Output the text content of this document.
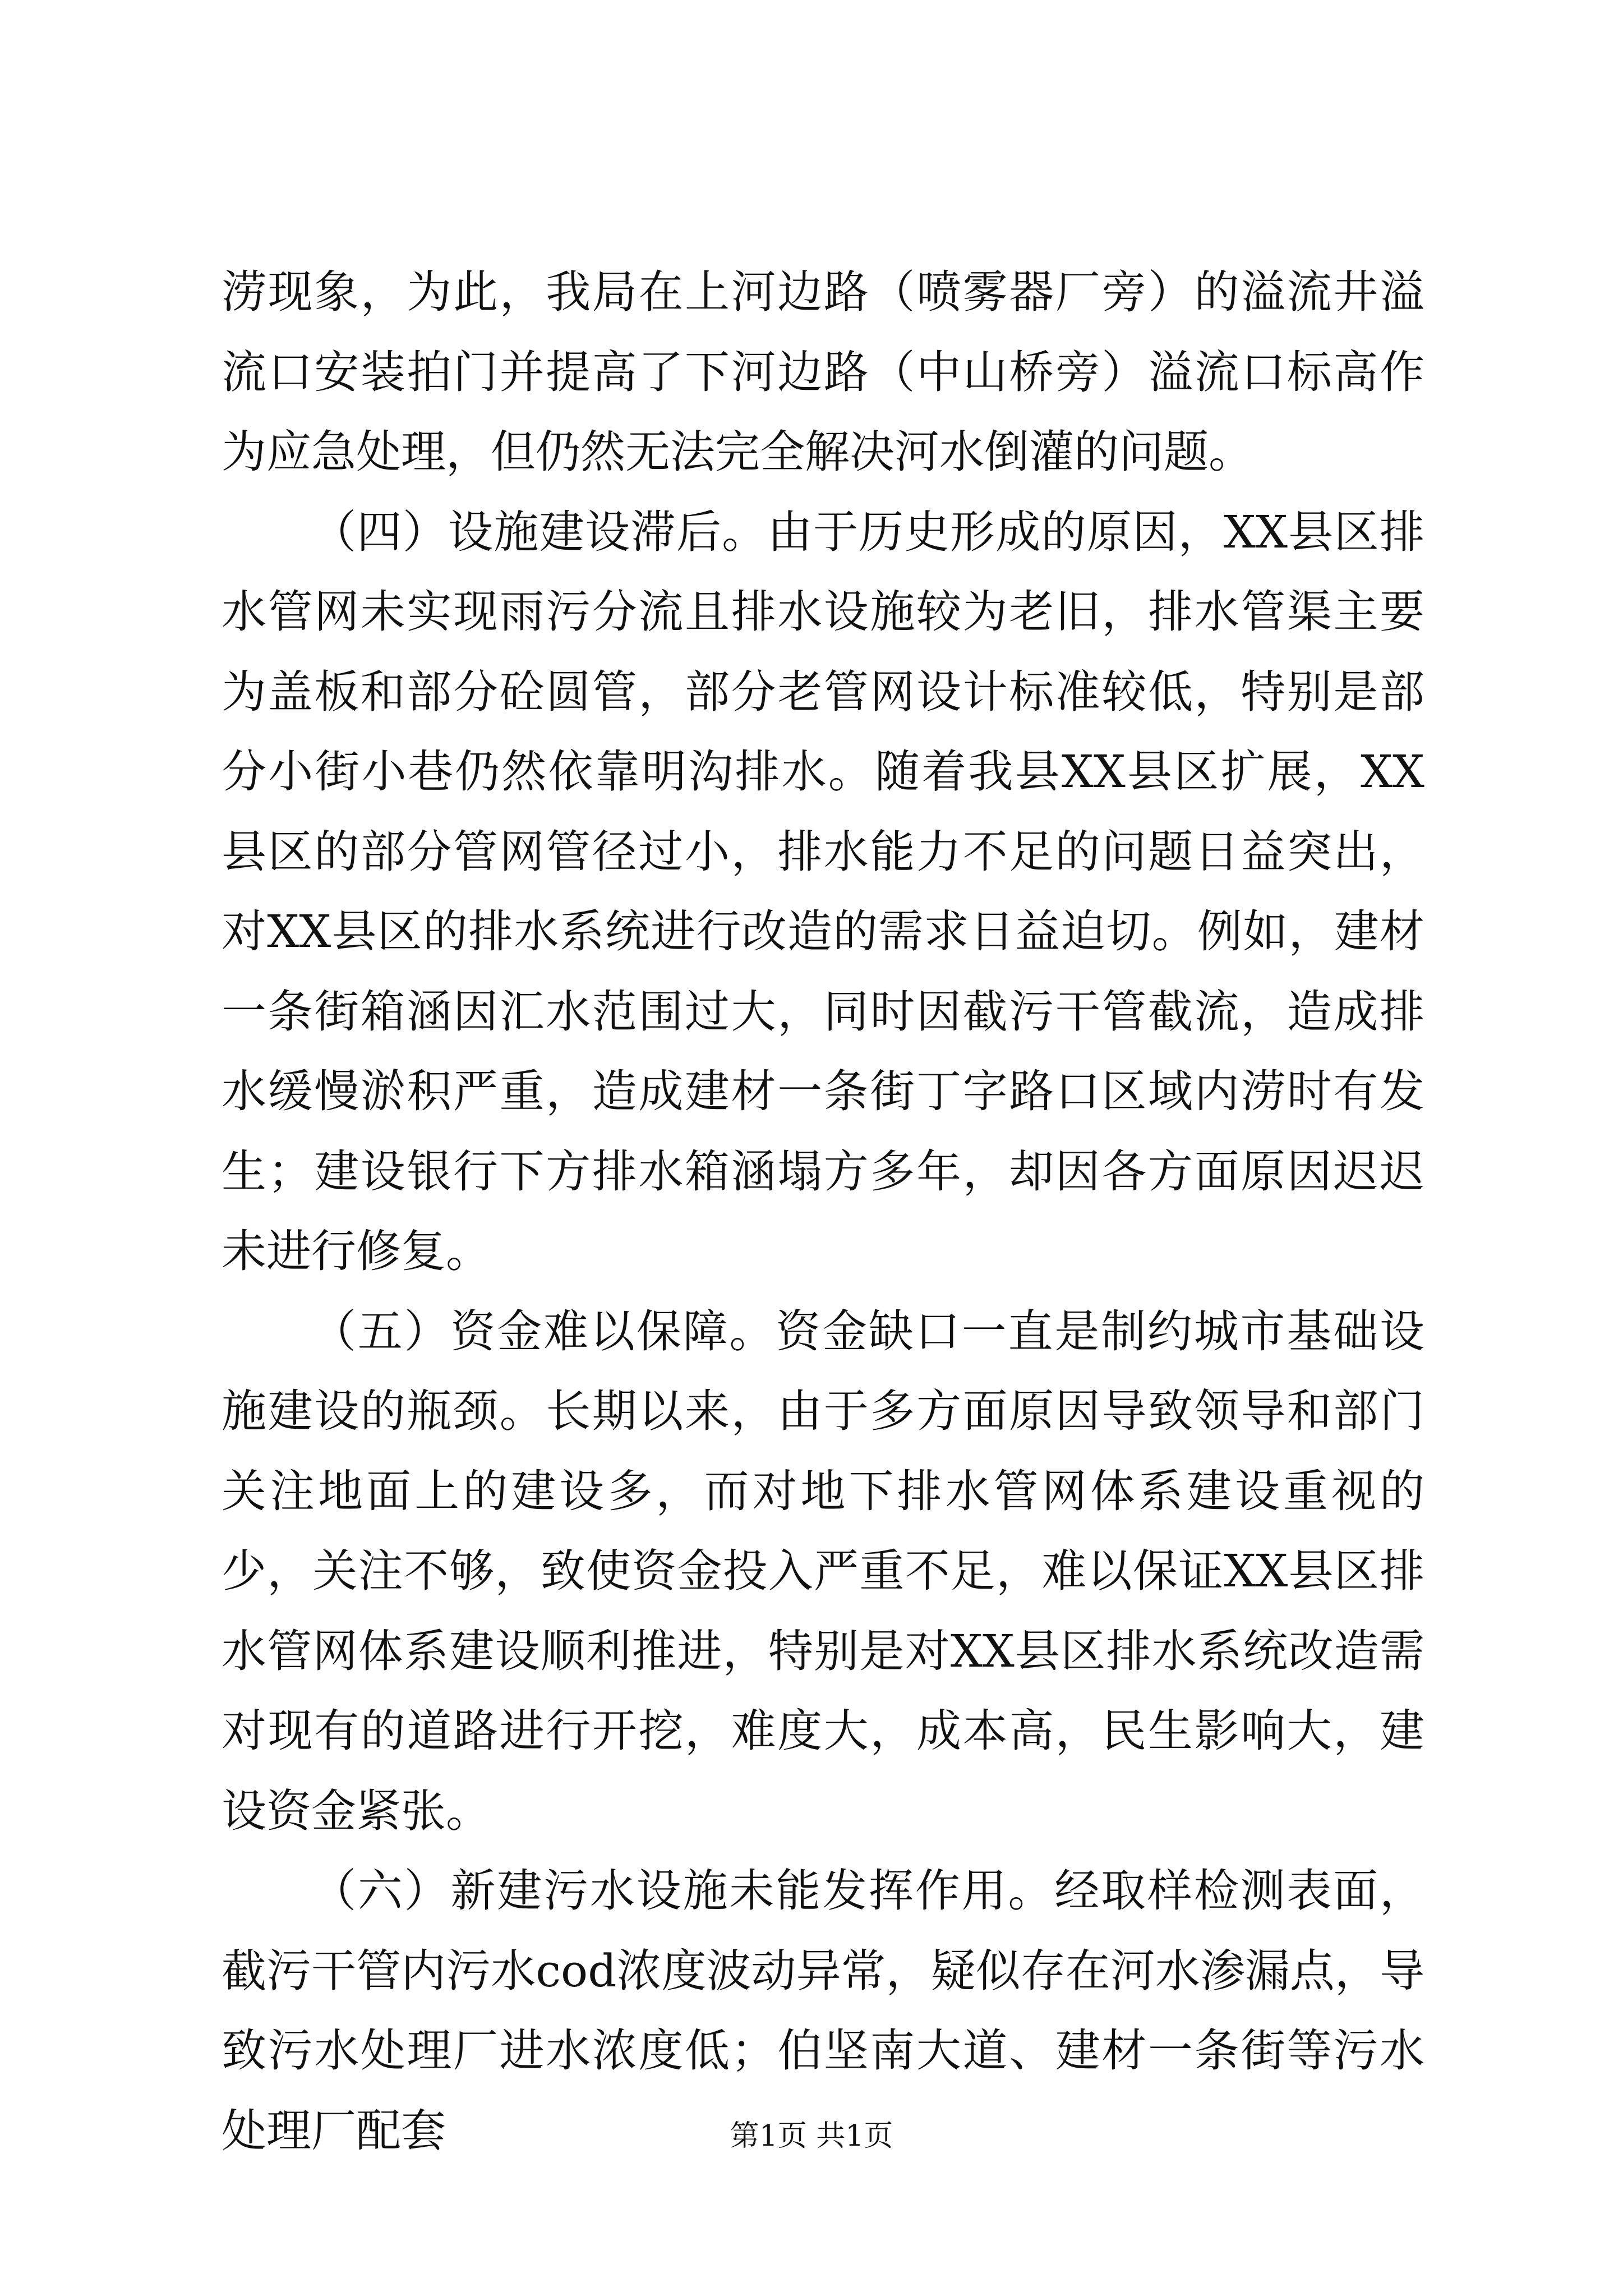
涝现象，为此，我局在上河边路（喷雾器厂旁）的溢流井溢流口安装拍门并提高了下河边路（中山桥旁）溢流口标高作为应急处理，但仍然无法完全解决河水倒灌的问题。

（四）设施建设滞后。由于历史形成的原因，XX县区排水管网未实现雨污分流且排水设施较为老旧，排水管渠主要为盖板和部分砼圆管，部分老管网设计标准较低，特别是部分小街小巷仍然依靠明沟排水。随着我县XX县区扩展，XX县区的部分管网管径过小，排水能力不足的问题日益突出，对XX县区的排水系统进行改造的需求日益迫切。例如，建材一条街箱涵因汇水范围过大，同时因截污干管截流，造成排水缓慢淤积严重，造成建材一条街丁字路口区域内涝时有发生；建设银行下方排水箱涵塌方多年，却因各方面原因迟迟未进行修复。

（五）资金难以保障。资金缺口一直是制约城市基础设施建设的瓶颈。长期以来，由于多方面原因导致领导和部门关注地面上的建设多，而对地下排水管网体系建设重视的少，关注不够，致使资金投入严重不足，难以保证XX县区排水管网体系建设顺利推进，特别是对XX县区排水系统改造需对现有的道路进行开挖，难度大，成本高，民生影响大，建设资金紧张。

（六）新建污水设施未能发挥作用。经取样检测表面，截污干管内污水cod浓度波动异常，疑似存在河水渗漏点，导致污水处理厂进水浓度低；伯坚南大道、建材一条街等污水处理厂配套	第1页 共1页
